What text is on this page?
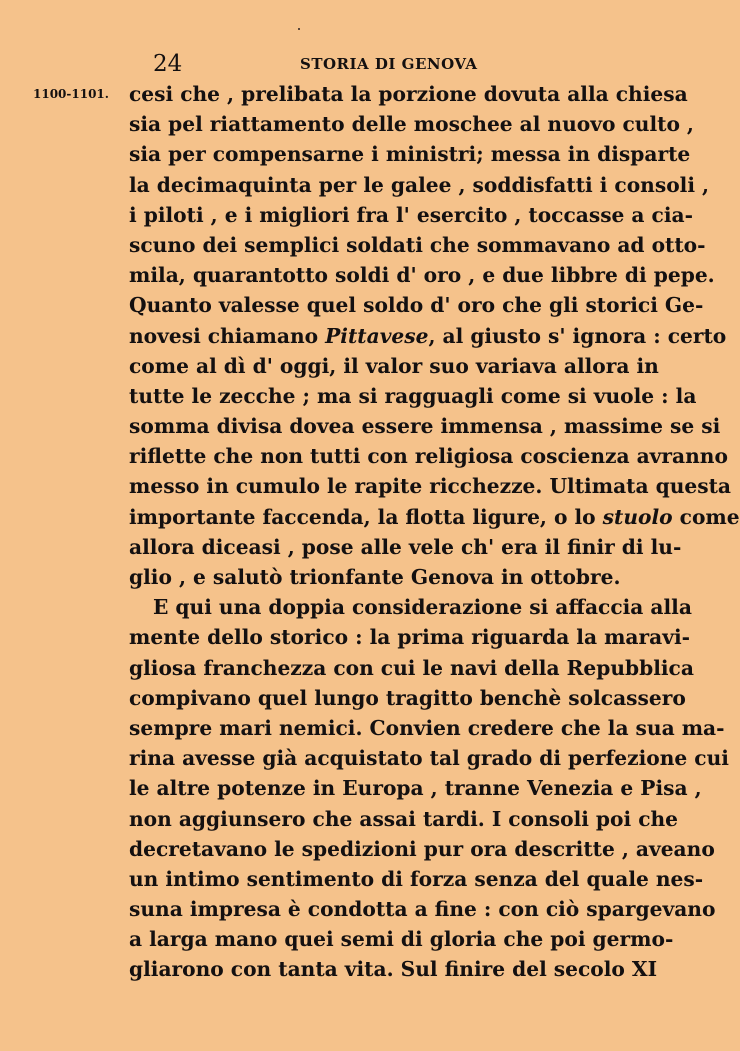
24	STORIA DI GENOVA
1100-1101. cesi che , prelibata la porzione dovuta alla chiesa
sia pel riattamento delle moschee al nuovo culto ,
sia per compensarne i ministri; messa in disparte
la decimaquinta per le galee , soddisfatti i consoli ,
i piloti , e i migliori fra l' esercito , toccasse a cia-
scuno dei semplici soldati che sommavano ad otto-
mila, quarantotto soldi d' oro , e due libbre di pepe.
Quanto valesse quel soldo d' oro che gli storici Ge-
novesi chiamano Pittavese, al giusto s' ignora : certo
come al dì d' oggi, il valor suo variava allora in
tutte le zecche ; ma si ragguagli come si vuole : la
somma divisa dovea essere immensa , massime se si
riflette che non tutti con religiosa coscienza avranno
messo in cumulo le rapite ricchezze. Ultimata questa
importante faccenda, la flotta ligure, o lo stuolo come
allora diceasi , pose alle vele ch' era il finir di lu-
glio , e salutò trionfante Genova in ottobre.
E qui una doppia considerazione si affaccia alla
mente dello storico : la prima riguarda la maravi-
gliosa franchezza con cui le navi della Repubblica
compivano quel lungo tragitto benchè solcassero
sempre mari nemici. Convien credere che la sua ma-
rina avesse già acquistato tal grado di perfezione cui
le altre potenze in Europa , tranne Venezia e Pisa ,
non aggiunsero che assai tardi. I consoli poi che
decretavano le spedizioni pur ora descritte , aveano
un intimo sentimento di forza senza del quale nes-
suna impresa è condotta a fine : con ciò spargevano
a larga mano quei semi di gloria che poi germo-
gliarono con tanta vita. Sul finire del secolo XI
